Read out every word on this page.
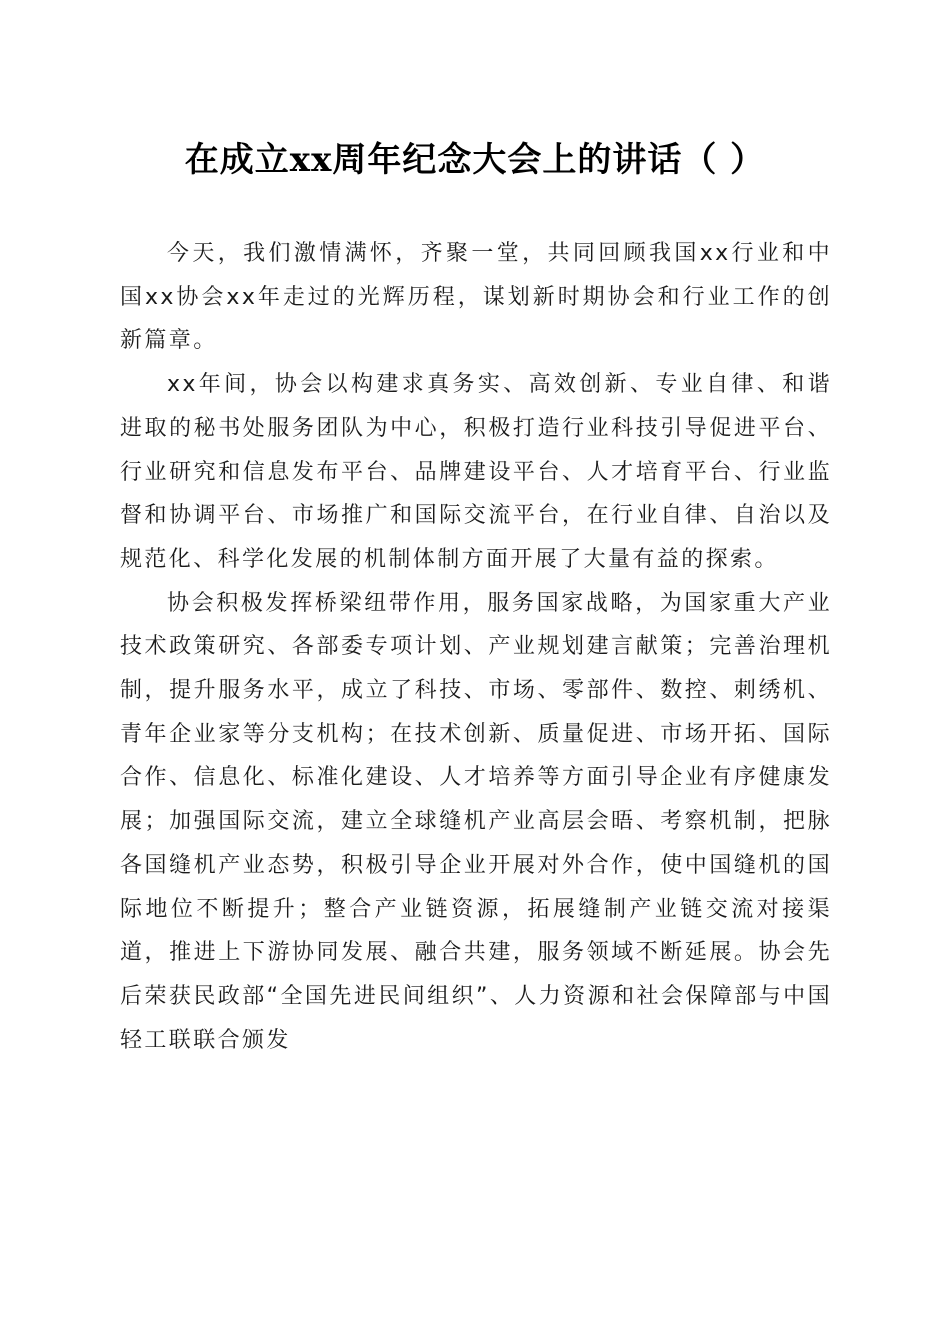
在成立xx周年纪念大会上的讲话（ ）

今天，我们激情满怀，齐聚一堂，共同回顾我国xx行业和中国xx协会xx年走过的光辉历程，谋划新时期协会和行业工作的创新篇章。

xx年间，协会以构建求真务实、高效创新、专业自律、和谐进取的秘书处服务团队为中心，积极打造行业科技引导促进平台、行业研究和信息发布平台、品牌建设平台、人才培育平台、行业监督和协调平台、市场推广和国际交流平台，在行业自律、自治以及规范化、科学化发展的机制体制方面开展了大量有益的探索。

协会积极发挥桥梁纽带作用，服务国家战略，为国家重大产业技术政策研究、各部委专项计划、产业规划建言献策；完善治理机制，提升服务水平，成立了科技、市场、零部件、数控、刺绣机、青年企业家等分支机构；在技术创新、质量促进、市场开拓、国际合作、信息化、标准化建设、人才培养等方面引导企业有序健康发展；加强国际交流，建立全球缝机产业高层会晤、考察机制，把脉各国缝机产业态势，积极引导企业开展对外合作，使中国缝机的国际地位不断提升；整合产业链资源，拓展缝制产业链交流对接渠道，推进上下游协同发展、融合共建，服务领域不断延展。协会先后荣获民政部“全国先进民间组织”、人力资源和社会保障部与中国轻工联联合颁发
